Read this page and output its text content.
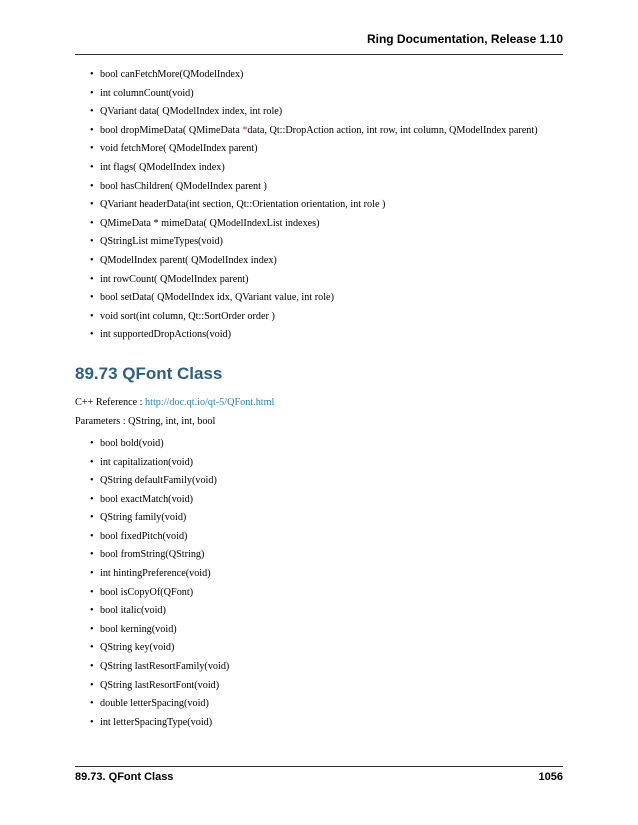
Ring Documentation, Release 1.10
• bool canFetchMore(QModelIndex)
• int columnCount(void)
• QVariant data( QModelIndex index, int role)
• bool dropMimeData( QMimeData *data, Qt::DropAction action, int row, int column, QModelIndex parent)
• void fetchMore( QModelIndex parent)
• int flags( QModelIndex index)
• bool hasChildren( QModelIndex parent )
• QVariant headerData(int section, Qt::Orientation orientation, int role )
• QMimeData * mimeData( QModelIndexList indexes)
• QStringList mimeTypes(void)
• QModelIndex parent( QModelIndex index)
• int rowCount( QModelIndex parent)
• bool setData( QModelIndex idx, QVariant value, int role)
• void sort(int column, Qt::SortOrder order )
• int supportedDropActions(void)
89.73 QFont Class

C++ Reference : http://doc.qt.io/qt-5/QFont.html

Parameters : QString, int, int, bool

• bool bold(void)
• int capitalization(void)
• QString defaultFamily(void)
• bool exactMatch(void)
• QString family(void)
• bool fixedPitch(void)
• bool fromString(QString)
• int hintingPreference(void)
• bool isCopyOf(QFont)
• bool italic(void)
• bool kerning(void)
• QString key(void)
• QString lastResortFamily(void)
• QString lastResortFont(void)
• double letterSpacing(void)
• int letterSpacingType(void)
89.73. QFont Class	1056
